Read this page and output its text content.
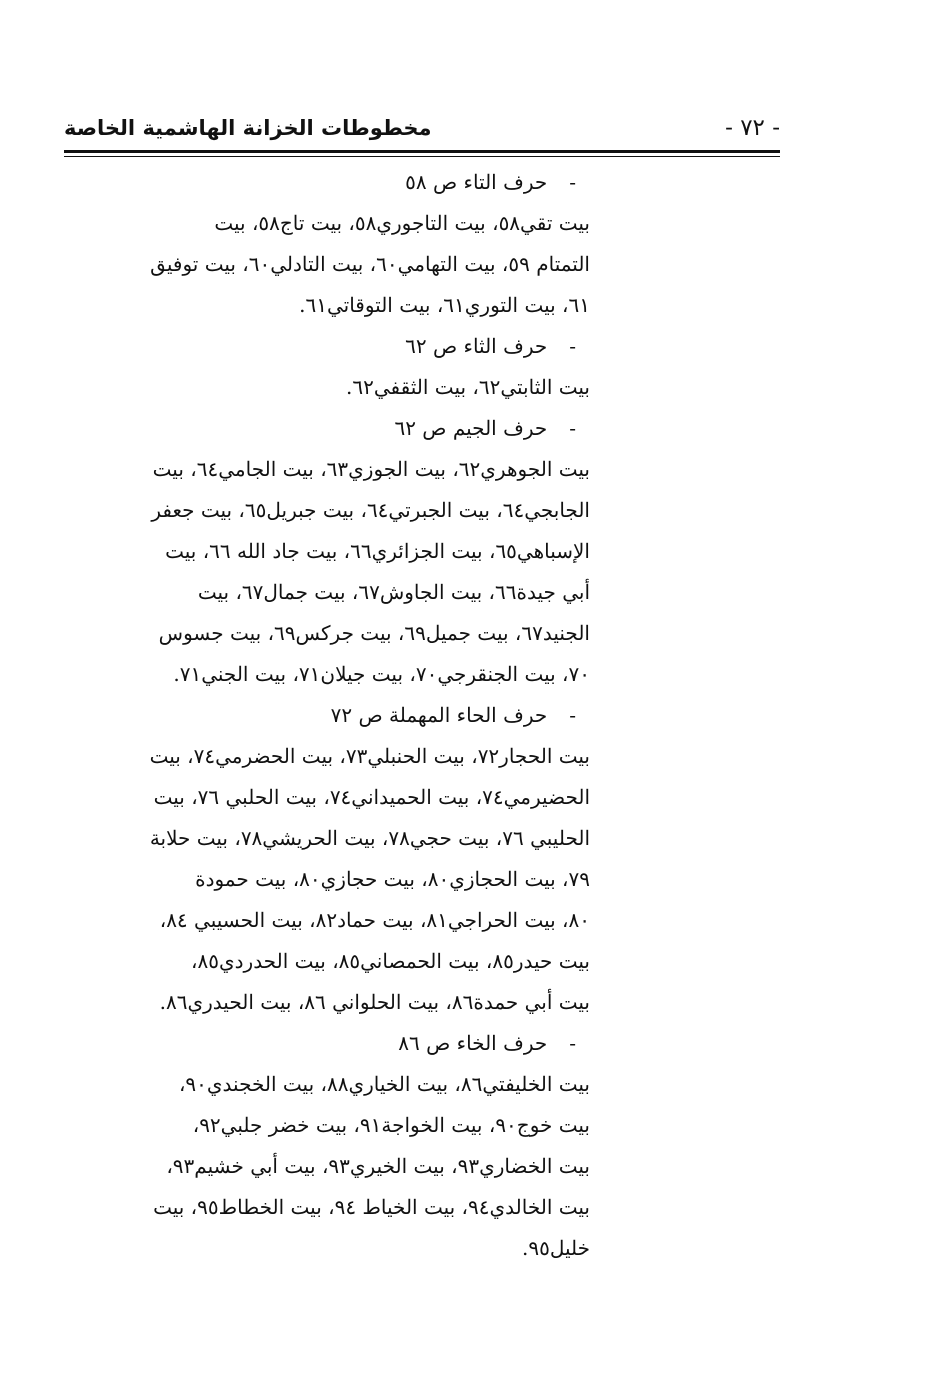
مخطوطات الخزانة الهاشمية الخاصة	- ٧٢ -
-حرف التاء ص ٥٨
بيت تقي٥٨، بيت التاجوري٥٨، بيت تاج٥٨، بيت
التمتام ٥٩، بيت التهامي٦٠، بيت التادلي٦٠، بيت توفيق
٦١، بيت التوري٦١، بيت التوقاتي٦١.
-حرف الثاء ص ٦٢
بيت الثابتي٦٢، بيت الثقفي٦٢.
-حرف الجيم ص ٦٢
بيت الجوهري٦٢، بيت الجوزي٦٣، بيت الجامي٦٤، بيت
الجابجي٦٤، بيت الجبرتي٦٤، بيت جبريل٦٥، بيت جعفر
الإسباهي٦٥، بيت الجزائري٦٦، بيت جاد الله ٦٦، بيت
أبي جيدة٦٦، بيت الجاوش٦٧، بيت جمال٦٧، بيت
الجنيد٦٧، بيت جميل٦٩، بيت جركس٦٩، بيت جسوس
٧٠، بيت الجنقرجي٧٠، بيت جيلان٧١، بيت الجني٧١.
-حرف الحاء المهملة ص ٧٢
بيت الحجار٧٢، بيت الحنبلي٧٣، بيت الحضرمي٧٤، بيت
الحضيرمي٧٤، بيت الحميداني٧٤، بيت الحلبي ٧٦، بيت
الحليبي ٧٦، بيت حجي٧٨، بيت الحريشي٧٨، بيت حلابة
٧٩، بيت الحجازي٨٠، بيت حجازي٨٠، بيت حمودة
٨٠، بيت الحراجي٨١، بيت حماد٨٢، بيت الحسيبي ٨٤،
بيت حيدر٨٥، بيت الحمصاني٨٥، بيت الحدردي٨٥،
بيت أبي حمدة٨٦، بيت الحلواني ٨٦، بيت الحيدري٨٦.
-حرف الخاء ص ٨٦
بيت الخليفتي٨٦، بيت الخياري٨٨، بيت الخجندي٩٠،
بيت خوج٩٠، بيت الخواجة٩١، بيت خضر جلبي٩٢،
بيت الخضاري٩٣، بيت الخيري٩٣، بيت أبي خشيم٩٣،
بيت الخالدي٩٤، بيت الخياط ٩٤، بيت الخطاط٩٥، بيت
خليل٩٥.
